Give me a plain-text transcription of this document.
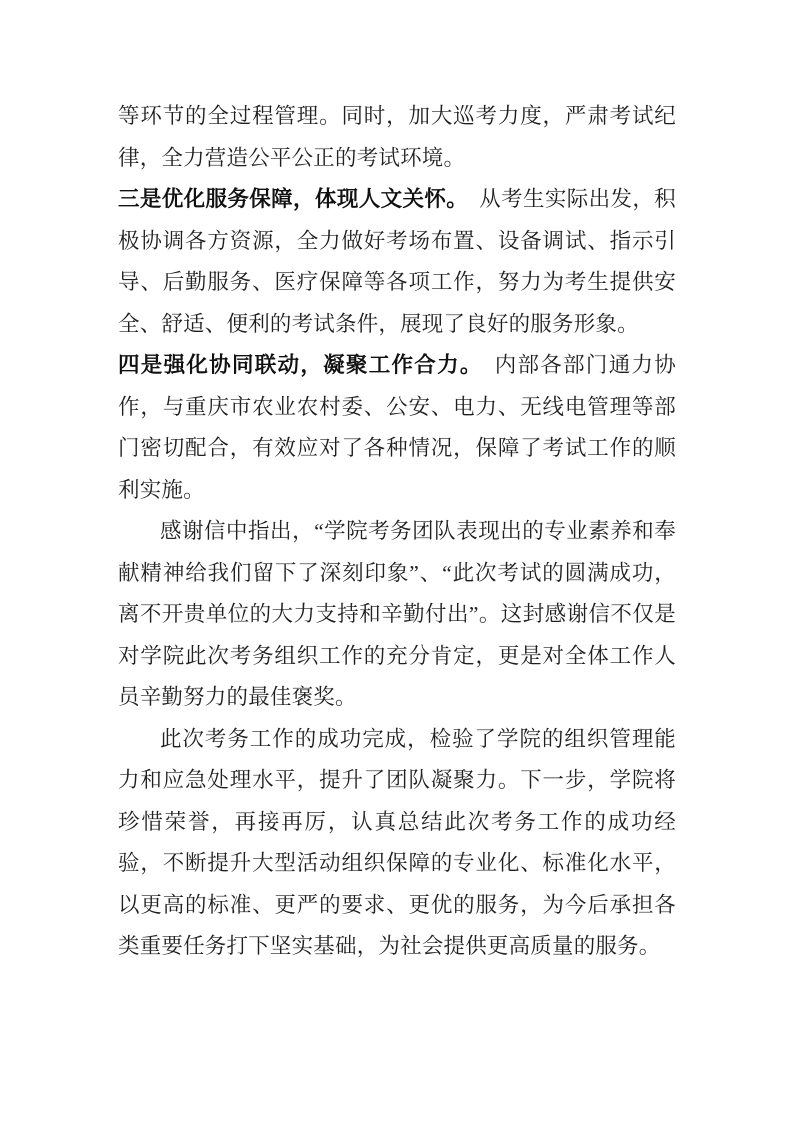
等环节的全过程管理。同时，加大巡考力度，严肃考试纪律，全力营造公平公正的考试环境。

三是优化服务保障，体现人文关怀。　从考生实际出发，积极协调各方资源，全力做好考场布置、设备调试、指示引导、后勤服务、医疗保障等各项工作，努力为考生提供安全、舒适、便利的考试条件，展现了良好的服务形象。

四是强化协同联动，凝聚工作合力。　内部各部门通力协作，与重庆市农业农村委、公安、电力、无线电管理等部门密切配合，有效应对了各种情况，保障了考试工作的顺利实施。

感谢信中指出，“学院考务团队表现出的专业素养和奉献精神给我们留下了深刻印象”、“此次考试的圆满成功，离不开贵单位的大力支持和辛勤付出”。这封感谢信不仅是对学院此次考务组织工作的充分肯定，更是对全体工作人员辛勤努力的最佳褒奖。

此次考务工作的成功完成，检验了学院的组织管理能力和应急处理水平，提升了团队凝聚力。下一步，学院将珍惜荣誉，再接再厉，认真总结此次考务工作的成功经验，不断提升大型活动组织保障的专业化、标准化水平，以更高的标准、更严的要求、更优的服务，为今后承担各类重要任务打下坚实基础，为社会提供更高质量的服务。
